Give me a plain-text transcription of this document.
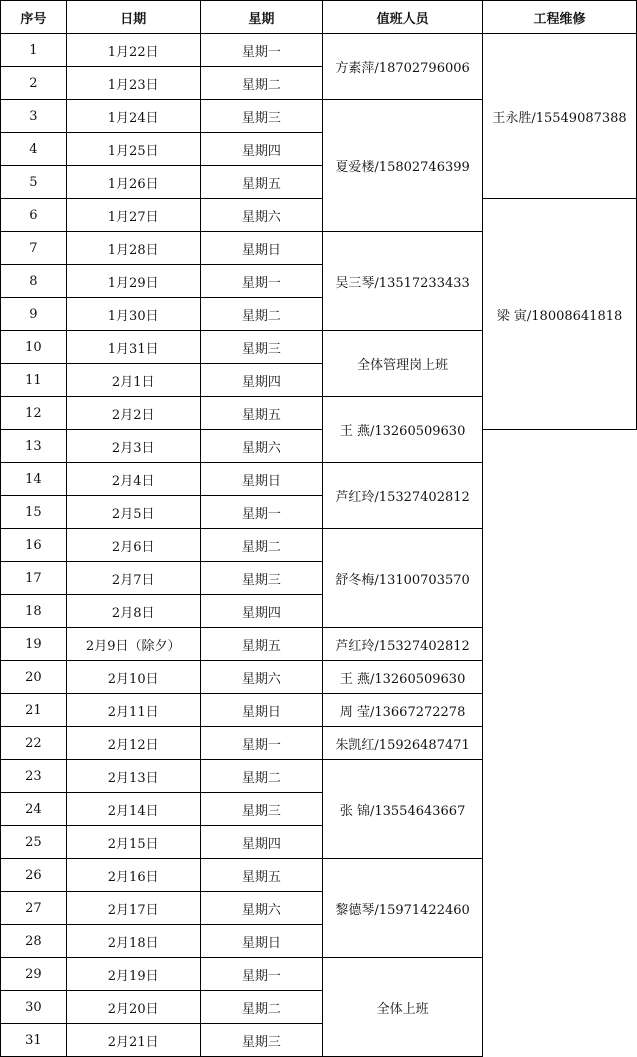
序号	日期	星期	值班人员	工程维修
1	1月22日	星期一	方素萍/18702796006	王永胜/15549087388
2	1月23日	星期二		
3	1月24日	星期三	夏爱楼/15802746399	
4	1月25日	星期四		
5	1月26日	星期五		
6	1月27日	星期六		梁 寅/18008641818
7	1月28日	星期日	吴三琴/13517233433	
8	1月29日	星期一		
9	1月30日	星期二		
10	1月31日	星期三	全体管理岗上班	
11	2月1日	星期四		
12	2月2日	星期五	王 燕/13260509630	
13	2月3日	星期六		
14	2月4日	星期日	芦红玲/15327402812	
15	2月5日	星期一		
16	2月6日	星期二	舒冬梅/13100703570	
17	2月7日	星期三		
18	2月8日	星期四		
19	2月9日（除夕）	星期五	芦红玲/15327402812	
20	2月10日	星期六	王 燕/13260509630	
21	2月11日	星期日	周 莹/13667272278	
22	2月12日	星期一	朱凯红/15926487471	
23	2月13日	星期二	张 锦/13554643667	
24	2月14日	星期三		
25	2月15日	星期四		
26	2月16日	星期五	黎德琴/15971422460	
27	2月17日	星期六		
28	2月18日	星期日		
29	2月19日	星期一	全体上班	
30	2月20日	星期二		
31	2月21日	星期三		
